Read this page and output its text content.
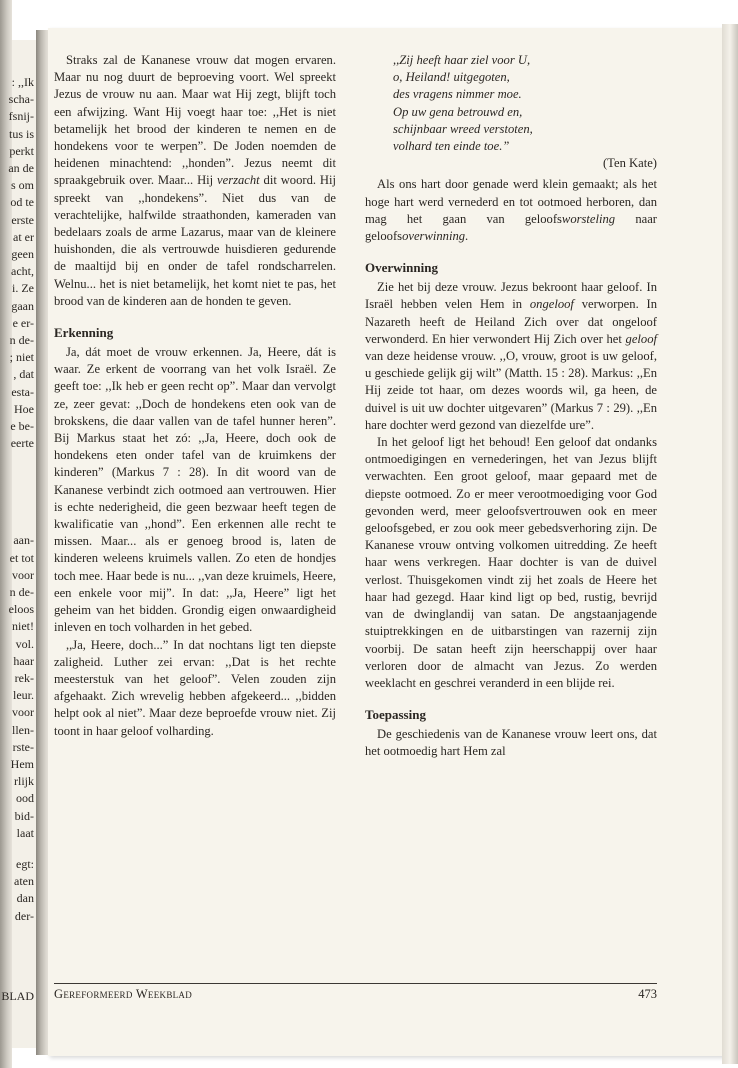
: ,,Ik
scha-
fsnij-
tus is
perkt
an de
s om
od te
erste
at er
geen
acht,
i. Ze
gaan
e er-
n de-
; niet
, dat
esta-
Hoe
e be-
eerte
aan-
et tot
voor
n de-
eloos
niet!
vol.
haar
rek-
leur.
voor
llen-
rste-
Hem
rlijk
ood
bid-
laat
egt:
aten
dan
der-
BLAD

Straks zal de Kananese vrouw dat mogen ervaren. Maar nu nog duurt de beproeving voort. Wel spreekt Jezus de vrouw nu aan. Maar wat Hij zegt, blijft toch een afwijzing. Want Hij voegt haar toe: ,,Het is niet betamelijk het brood der kinderen te nemen en de hondekens voor te werpen”. De Joden noemden de heidenen minachtend: ,,honden”. Jezus neemt dit spraakgebruik over. Maar... Hij verzacht dit woord. Hij spreekt van ,,hondekens”. Niet dus van de verachtelijke, halfwilde straathonden, kameraden van bedelaars zoals de arme Lazarus, maar van de kleinere huishonden, die als vertrouwde huisdieren gedurende de maaltijd bij en onder de tafel rondscharrelen. Welnu... het is niet betamelijk, het komt niet te pas, het brood van de kinderen aan de honden te geven.

Erkenning

Ja, dát moet de vrouw erkennen. Ja, Heere, dát is waar. Ze erkent de voorrang van het volk Israël. Ze geeft toe: ,,Ik heb er geen recht op”. Maar dan vervolgt ze, zeer gevat: ,,Doch de hondekens eten ook van de brokskens, die daar vallen van de tafel hunner heren”. Bij Markus staat het zó: ,,Ja, Heere, doch ook de hondekens eten onder tafel van de kruimkens der kinderen” (Markus 7 : 28). In dit woord van de Kananese verbindt zich ootmoed aan vertrouwen. Hier is echte nederigheid, die geen bezwaar heeft tegen de kwalificatie van ,,hond”. Een erkennen alle recht te missen. Maar... als er genoeg brood is, laten de kinderen weleens kruimels vallen. Zo eten de hondjes toch mee. Haar bede is nu... ,,van deze kruimels, Heere, een enkele voor mij”. In dat: ,,Ja, Heere” ligt het geheim van het bidden. Grondig eigen onwaardigheid inleven en toch volharden in het gebed.

,,Ja, Heere, doch...” In dat nochtans ligt ten diepste zaligheid. Luther zei ervan: ,,Dat is het rechte meesterstuk van het geloof”. Velen zouden zijn afgehaakt. Zich wrevelig hebben afgekeerd... ,,bidden helpt ook al niet”. Maar deze beproefde vrouw niet. Zij toont in haar geloof volharding.

,,Zij heeft haar ziel voor U,
o, Heiland! uitgegoten,
des vragens nimmer moe.
Op uw gena betrouwd en,
schijnbaar wreed verstoten,
volhard ten einde toe.”

(Ten Kate)

Als ons hart door genade werd klein gemaakt; als het hoge hart werd vernederd en tot ootmoed herboren, dan mag het gaan van geloofsworsteling naar geloofsoverwinning.

Overwinning

Zie het bij deze vrouw. Jezus bekroont haar geloof. In Israël hebben velen Hem in ongeloof verworpen. In Nazareth heeft de Heiland Zich over dat ongeloof verwonderd. En hier verwondert Hij Zich over het geloof van deze heidense vrouw. ,,O, vrouw, groot is uw geloof, u geschiede gelijk gij wilt” (Matth. 15 : 28). Markus: ,,En Hij zeide tot haar, om dezes woords wil, ga heen, de duivel is uit uw dochter uitgevaren” (Markus 7 : 29). ,,En hare dochter werd gezond van diezelfde ure”.

In het geloof ligt het behoud! Een geloof dat ondanks ontmoedigingen en vernederingen, het van Jezus blijft verwachten. Een groot geloof, maar gepaard met de diepste ootmoed. Zo er meer verootmoediging voor God gevonden werd, meer geloofsvertrouwen ook en meer geloofsgebed, er zou ook meer gebedsverhoring zijn. De Kananese vrouw ontving volkomen uitredding. Ze heeft haar wens verkregen. Haar dochter is van de duivel verlost. Thuisgekomen vindt zij het zoals de Heere het haar had gezegd. Haar kind ligt op bed, rustig, bevrijd van de dwinglandij van satan. De angstaanjagende stuiptrekkingen en de uitbarstingen van razernij zijn voorbij. De satan heeft zijn heerschappij over haar verloren door de almacht van Jezus. Zo werden weeklacht en geschrei veranderd in een blijde rei.

Toepassing

De geschiedenis van de Kananese vrouw leert ons, dat het ootmoedig hart Hem zal

Gereformeerd Weekblad	473
